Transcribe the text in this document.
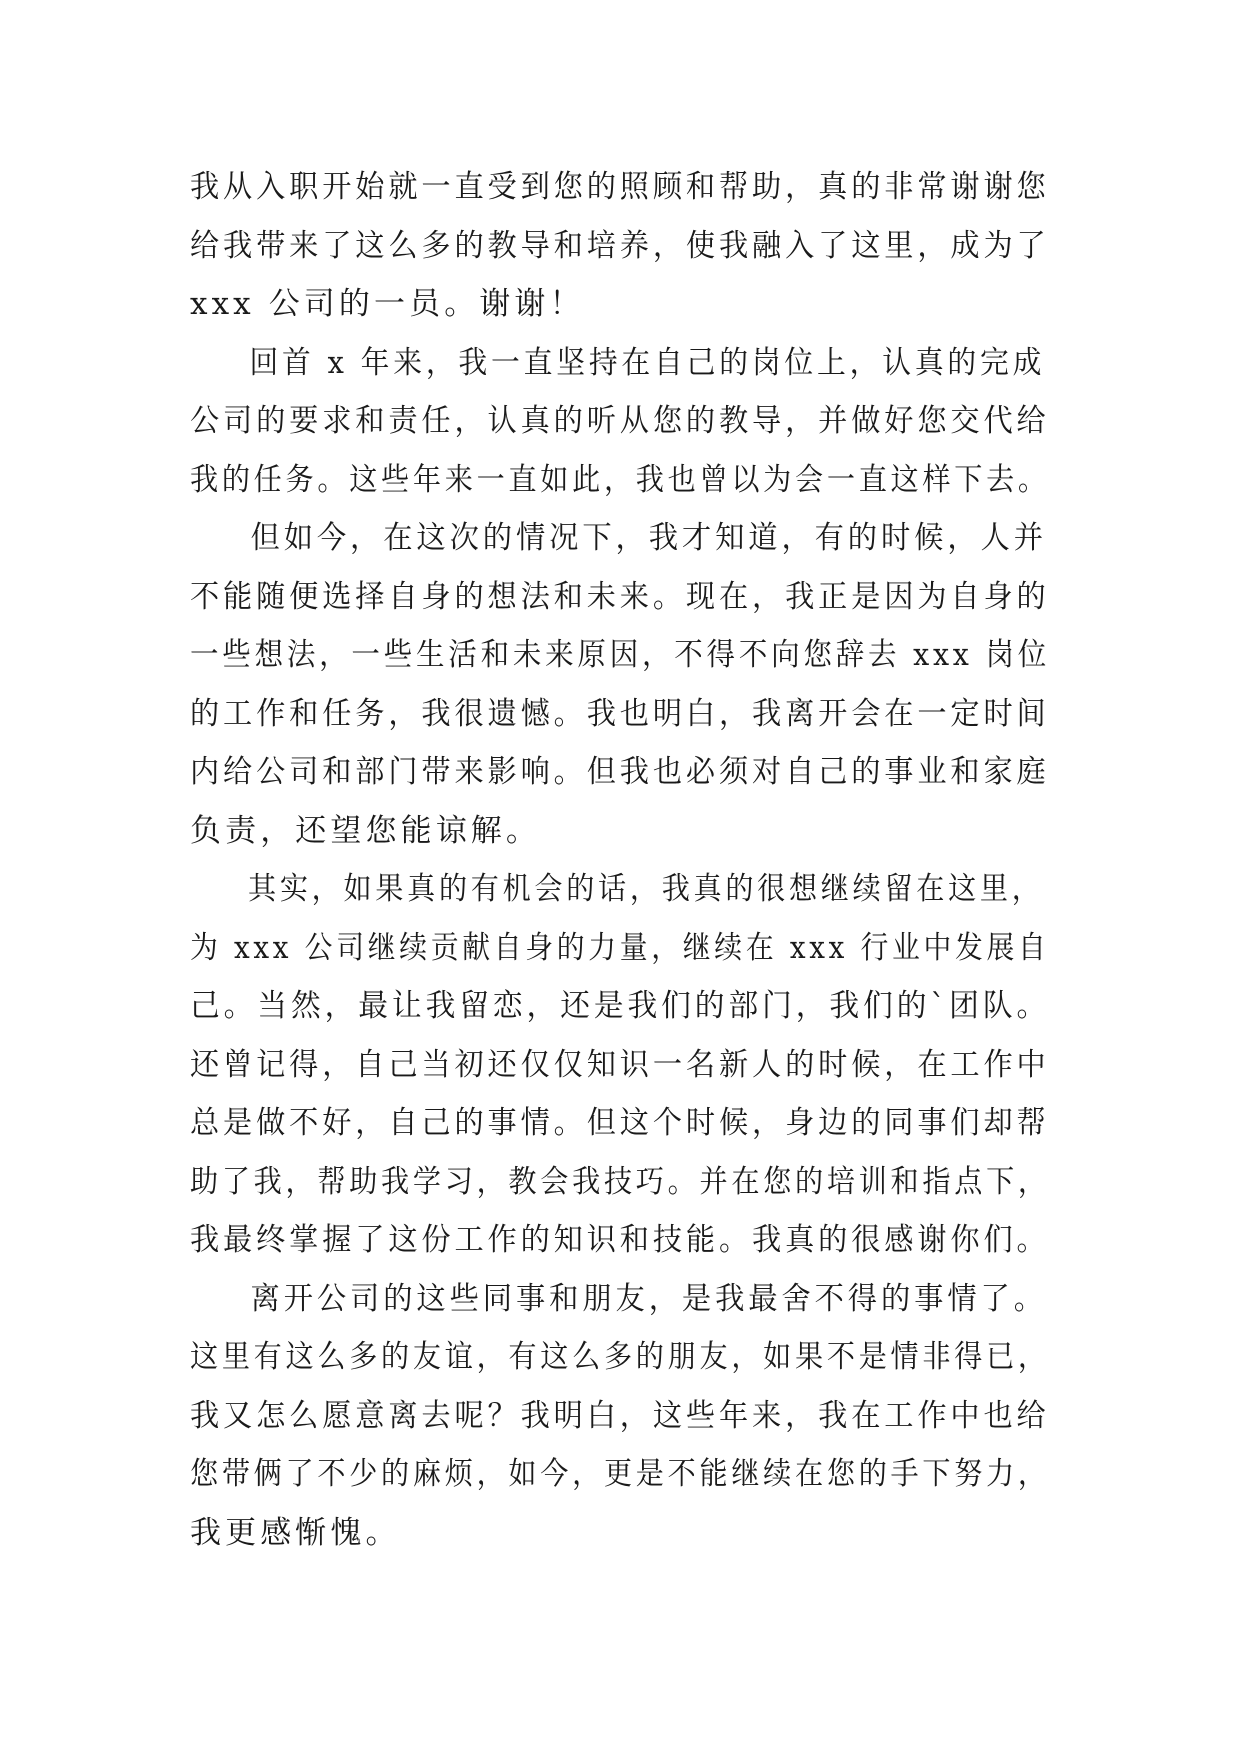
我从入职开始就一直受到您的照顾和帮助，真的非常谢谢您
给我带来了这么多的教导和培养，使我融入了这里，成为了
xxx 公司的一员。谢谢！
回首 x 年来，我一直坚持在自己的岗位上，认真的完成
公司的要求和责任，认真的听从您的教导，并做好您交代给
我的任务。这些年来一直如此，我也曾以为会一直这样下去。
但如今，在这次的情况下，我才知道，有的时候，人并
不能随便选择自身的想法和未来。现在，我正是因为自身的
一些想法，一些生活和未来原因，不得不向您辞去 xxx 岗位
的工作和任务，我很遗憾。我也明白，我离开会在一定时间
内给公司和部门带来影响。但我也必须对自己的事业和家庭
负责，还望您能谅解。
其实，如果真的有机会的话，我真的很想继续留在这里，
为 xxx 公司继续贡献自身的力量，继续在 xxx 行业中发展自
己。当然，最让我留恋，还是我们的部门，我们的`团队。
还曾记得，自己当初还仅仅知识一名新人的时候，在工作中
总是做不好，自己的事情。但这个时候，身边的同事们却帮
助了我，帮助我学习，教会我技巧。并在您的培训和指点下，
我最终掌握了这份工作的知识和技能。我真的很感谢你们。
离开公司的这些同事和朋友，是我最舍不得的事情了。
这里有这么多的友谊，有这么多的朋友，如果不是情非得已，
我又怎么愿意离去呢？我明白，这些年来，我在工作中也给
您带俩了不少的麻烦，如今，更是不能继续在您的手下努力，
我更感惭愧。
